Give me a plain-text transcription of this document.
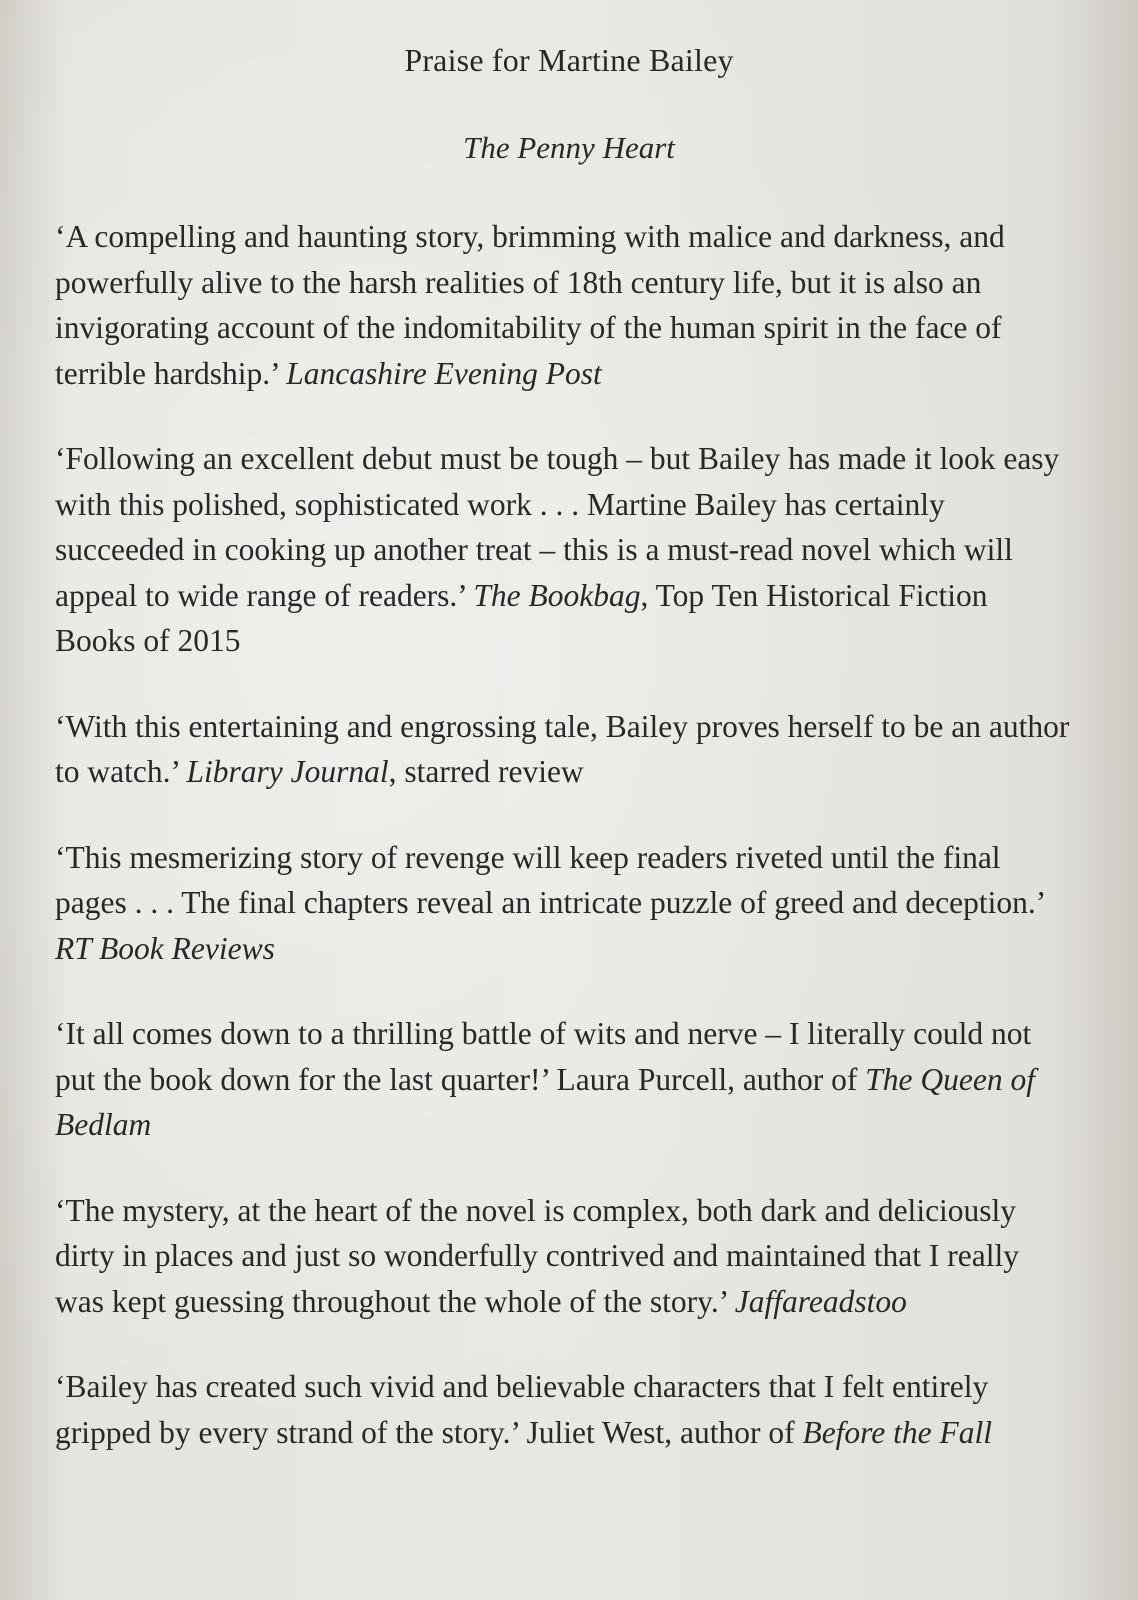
Praise for Martine Bailey
The Penny Heart

‘A compelling and haunting story, brimming with malice and darkness, and powerfully alive to the harsh realities of 18th century life, but it is also an invigorating account of the indomitability of the human spirit in the face of terrible hardship.’ Lancashire Evening Post

‘Following an excellent debut must be tough – but Bailey has made it look easy with this polished, sophisticated work . . . Martine Bailey has certainly succeeded in cooking up another treat – this is a must-read novel which will appeal to wide range of readers.’ The Bookbag, Top Ten Historical Fiction Books of 2015

‘With this entertaining and engrossing tale, Bailey proves herself to be an author to watch.’ Library Journal, starred review

‘This mesmerizing story of revenge will keep readers riveted until the final pages . . . The final chapters reveal an intricate puzzle of greed and deception.’ RT Book Reviews

‘It all comes down to a thrilling battle of wits and nerve – I literally could not put the book down for the last quarter!’ Laura Purcell, author of The Queen of Bedlam

‘The mystery, at the heart of the novel is complex, both dark and deliciously dirty in places and just so wonderfully contrived and maintained that I really was kept guessing throughout the whole of the story.’ Jaffareadstoo

‘Bailey has created such vivid and believable characters that I felt entirely gripped by every strand of the story.’ Juliet West, author of Before the Fall
